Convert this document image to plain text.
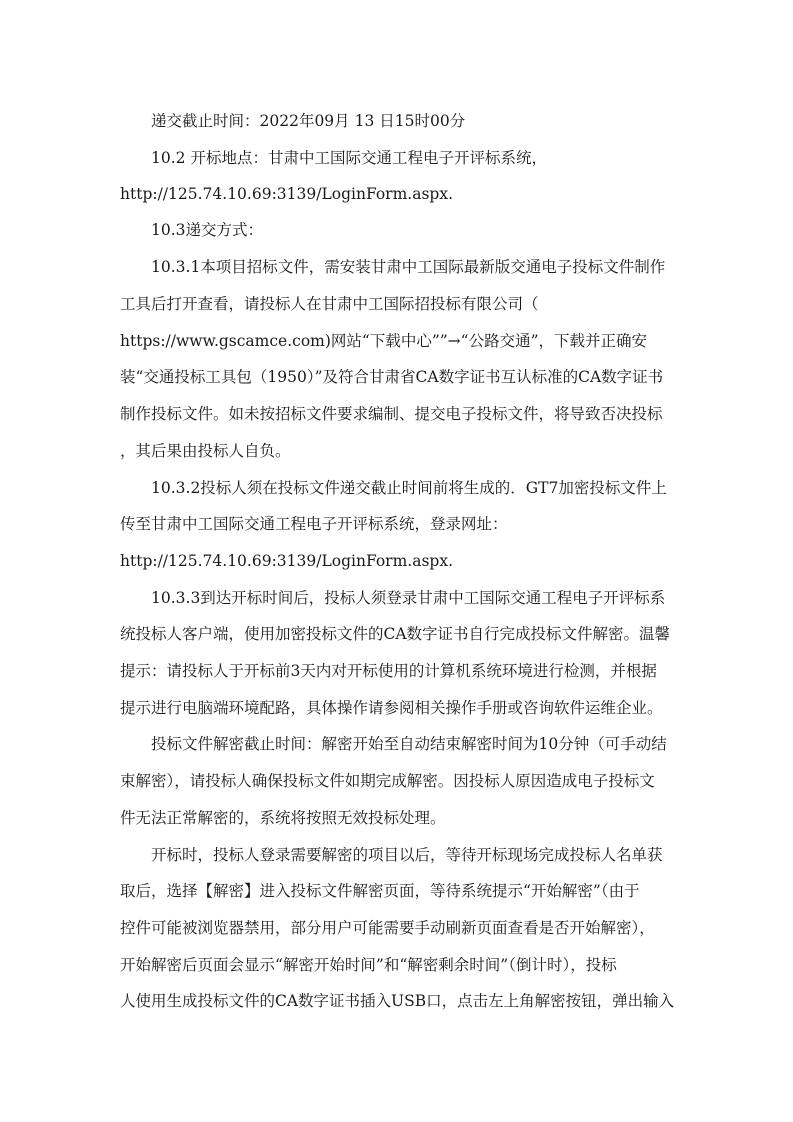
递交截止时间：2022年09月 13 日15时00分
10.2 开标地点：甘肃中工国际交通工程电子开评标系统，
http://125.74.10.69:3139/LoginForm.aspx.
10.3递交方式：
10.3.1本项目招标文件，需安装甘肃中工国际最新版交通电子投标文件制作
工具后打开查看，请投标人在甘肃中工国际招投标有限公司（
https://www.gscamce.com)网站“下载中心””→“公路交通”，下载并正确安
装“交通投标工具包（1950）”及符合甘肃省CA数字证书互认标准的CA数字证书
制作投标文件。如未按招标文件要求编制、提交电子投标文件，将导致否决投标
，其后果由投标人自负。
10.3.2投标人须在投标文件递交截止时间前将生成的．GT7加密投标文件上
传至甘肃中工国际交通工程电子开评标系统，登录网址：
http://125.74.10.69:3139/LoginForm.aspx.
10.3.3到达开标时间后，投标人须登录甘肃中工国际交通工程电子开评标系
统投标人客户端，使用加密投标文件的CA数字证书自行完成投标文件解密。温馨
提示：请投标人于开标前3天内对开标使用的计算机系统环境进行检测，并根据
提示进行电脑端环境配路，具体操作请参阅相关操作手册或咨询软件运维企业。
投标文件解密截止时间：解密开始至自动结束解密时间为10分钟（可手动结
束解密），请投标人确保投标文件如期完成解密。因投标人原因造成电子投标文
件无法正常解密的，系统将按照无效投标处理。
开标时，投标人登录需要解密的项目以后，等待开标现场完成投标人名单获
取后，选择【解密】进入投标文件解密页面，等待系统提示“开始解密”（由于
控件可能被浏览器禁用，部分用户可能需要手动刷新页面查看是否开始解密），
开始解密后页面会显示“解密开始时间”和“解密剩余时间”（倒计时），投标
人使用生成投标文件的CA数字证书插入USB口，点击左上角解密按钮，弹出输入
